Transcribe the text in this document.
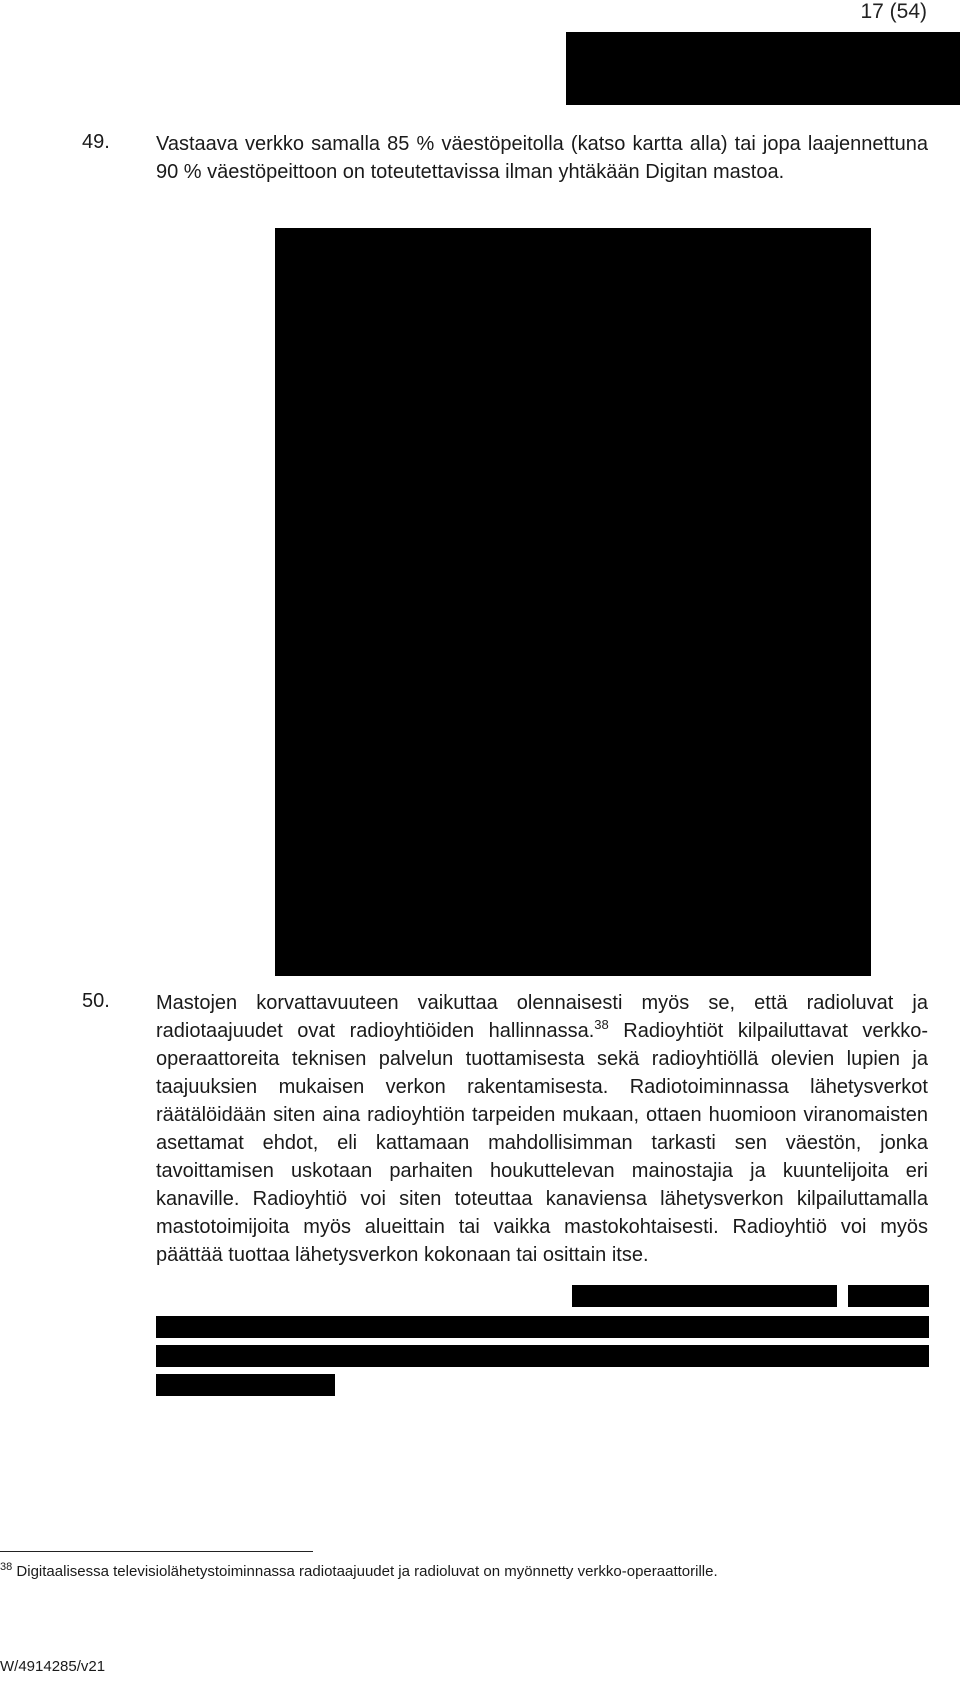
17 (54)
49. Vastaava verkko samalla 85 % väestöpeitolla (katso kartta alla) tai jopa laajennettuna 90 % väestöpeittoon on toteutettavissa ilman yhtäkään Digitan mastoa.

50. Mastojen korvattavuuteen vaikuttaa olennaisesti myös se, että radioluvat ja radiotaajuudet ovat radioyhtiöiden hallinnassa.$^{38}$ Radioyhtiöt kilpailuttavat verkko-operaattoreita teknisen palvelun tuottamisesta sekä radioyhtiöllä olevien lupien ja taajuuksien mukaisen verkon rakentamisesta. Radiotoiminnassa lähetysverkot räätälöidään siten aina radioyhtiön tarpeiden mukaan, ottaen huomioon viranomaisten asettamat ehdot, eli kattamaan mahdollisimman tarkasti sen väestön, jonka tavoittamisen uskotaan parhaiten houkuttelevan mainostajia ja kuuntelijoita eri kanaville. Radioyhtiö voi siten toteuttaa kanaviensa lähetysverkon kilpailuttamalla mastotoimijoita myös alueittain tai vaikka mastokohtaisesti. Radioyhtiö voi myös päättää tuottaa lähetysverkon kokonaan tai osittain itse.

$^{38}$ Digitaalisessa televisiolähetystoiminnassa radiotaajuudet ja radioluvat on myönnetty verkko-operaattorille.
W/4914285/v21
